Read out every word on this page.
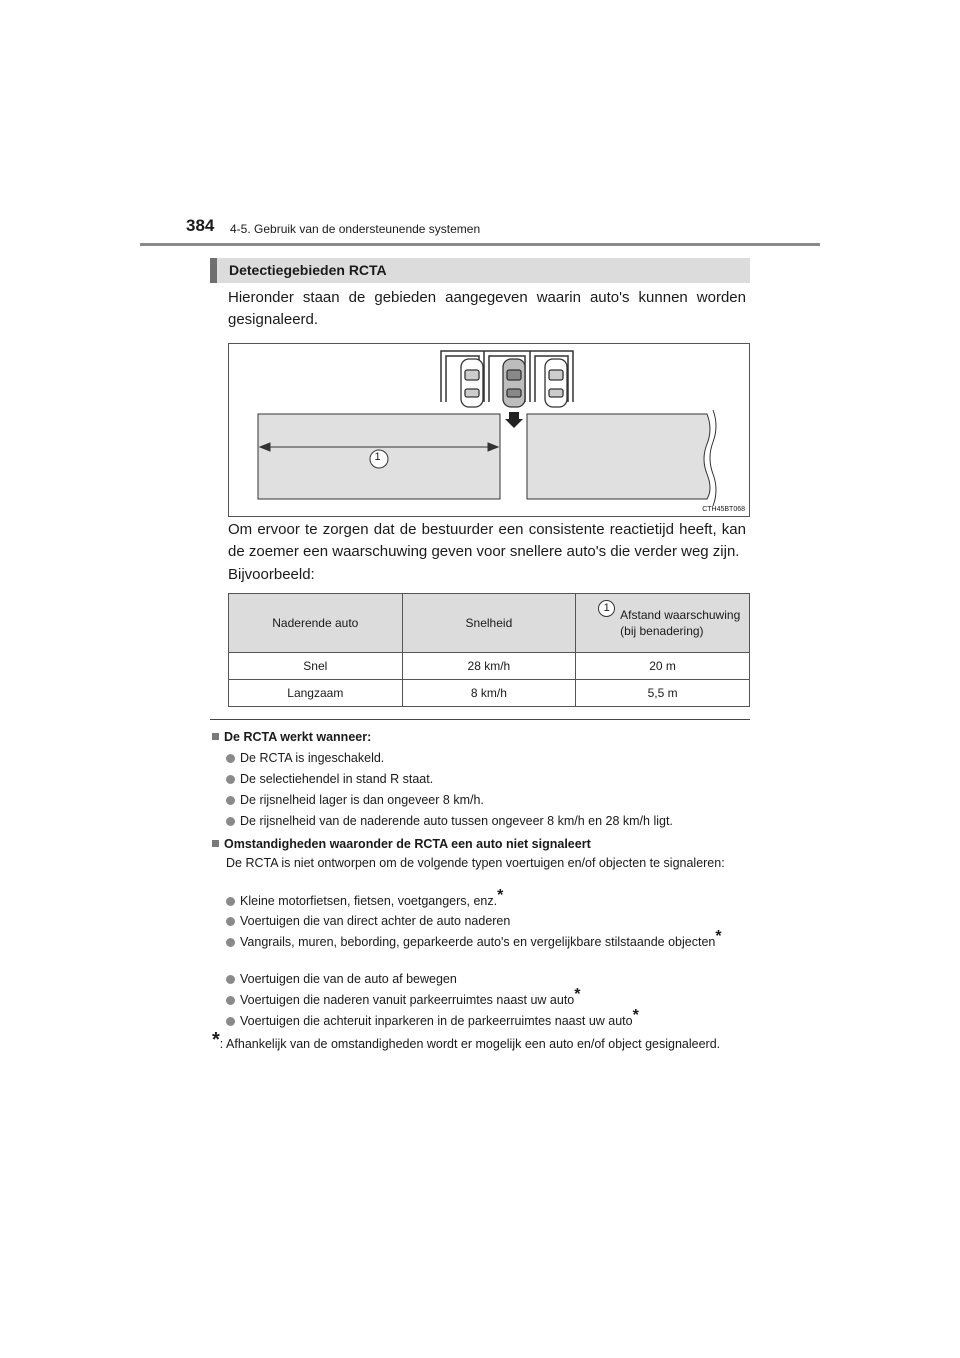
384 4-5. Gebruik van de ondersteunende systemen
Detectiegebieden RCTA
Hieronder staan de gebieden aangegeven waarin auto's kunnen worden gesignaleerd.
1
CTH45BT068
Om ervoor te zorgen dat de bestuurder een consistente reactietijd heeft, kan de zoemer een waarschuwing geven voor snellere auto's die verder weg zijn.
Bijvoorbeeld:
Naderende auto	Snelheid	1 Afstand waarschuwing (bij benadering)

Snel	28 km/h	20 m
Langzaam	8 km/h	5,5 m
De RCTA werkt wanneer:
De RCTA is ingeschakeld.
De selectiehendel in stand R staat.
De rijsnelheid lager is dan ongeveer 8 km/h.
De rijsnelheid van de naderende auto tussen ongeveer 8 km/h en 28 km/h ligt.
Omstandigheden waaronder de RCTA een auto niet signaleert
De RCTA is niet ontworpen om de volgende typen voertuigen en/of objecten te signaleren:
Kleine motorfietsen, fietsen, voetgangers, enz.*
Voertuigen die van direct achter de auto naderen
Vangrails, muren, bebording, geparkeerde auto's en vergelijkbare stilstaande objecten*
Voertuigen die van de auto af bewegen
Voertuigen die naderen vanuit parkeerruimtes naast uw auto*
Voertuigen die achteruit inparkeren in de parkeerruimtes naast uw auto*
*: Afhankelijk van de omstandigheden wordt er mogelijk een auto en/of object gesignaleerd.
